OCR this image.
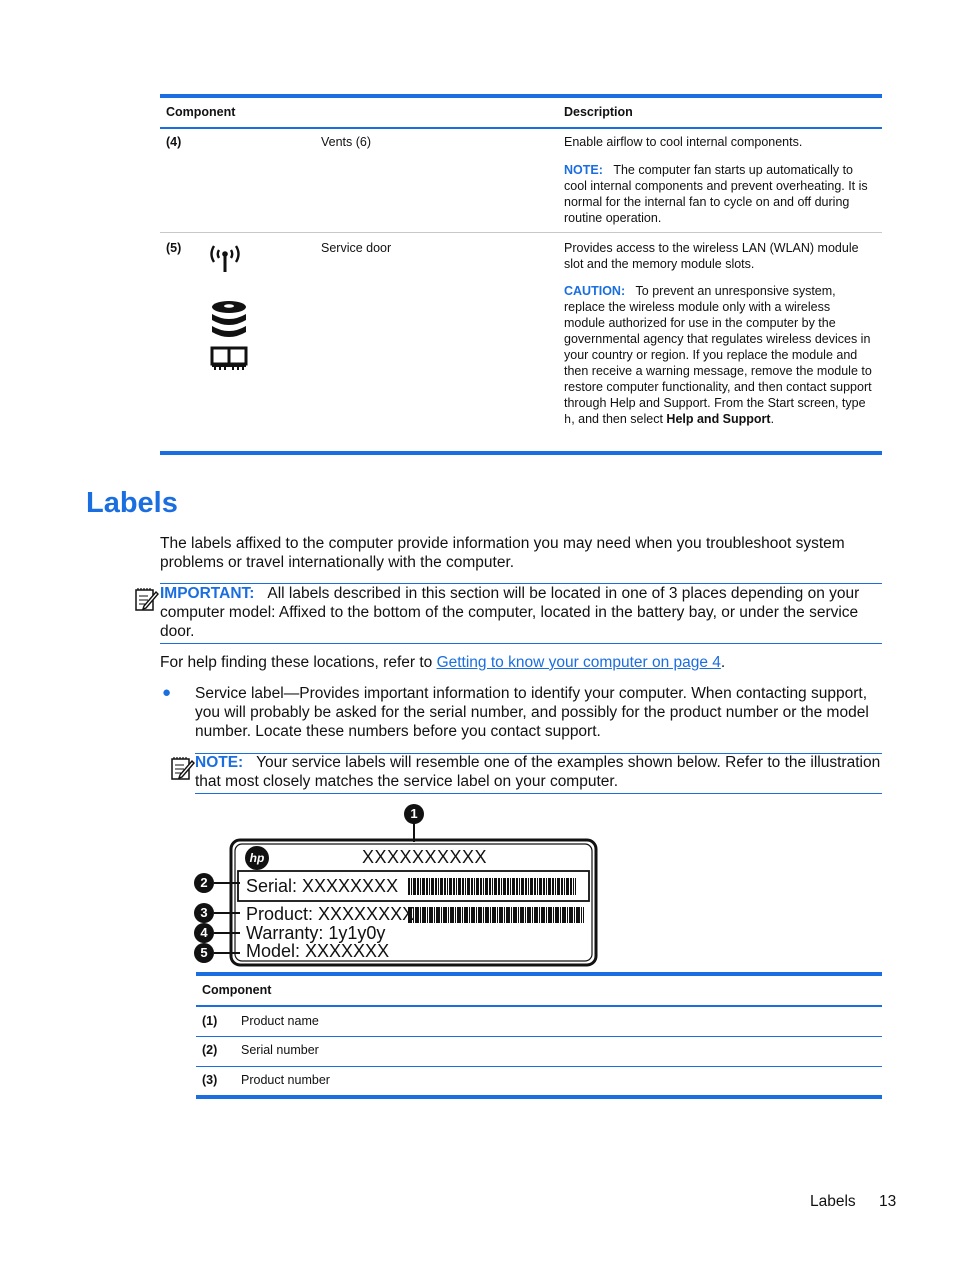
Component	Description
(4)	Vents (6)	Enable airflow to cool internal components.

NOTE: The computer fan starts up automatically to cool internal components and prevent overheating. It is normal for the internal fan to cycle on and off during routine operation.

(5)	Service door	Provides access to the wireless LAN (WLAN) module slot and the memory module slots.

CAUTION: To prevent an unresponsive system, replace the wireless module only with a wireless module authorized for use in the computer by the governmental agency that regulates wireless devices in your country or region. If you replace the module and then receive a warning message, remove the module to restore computer functionality, and then contact support through Help and Support. From the Start screen, type h, and then select Help and Support.

Labels

The labels affixed to the computer provide information you may need when you troubleshoot system problems or travel internationally with the computer.

IMPORTANT: All labels described in this section will be located in one of 3 places depending on your computer model: Affixed to the bottom of the computer, located in the battery bay, or under the service door.

For help finding these locations, refer to Getting to know your computer on page 4.

● Service label—Provides important information to identify your computer. When contacting support, you will probably be asked for the serial number, and possibly for the product number or the model number. Locate these numbers before you contact support.

NOTE: Your service labels will resemble one of the examples shown below. Refer to the illustration that most closely matches the service label on your computer.

1
2
3
4
5
hp	XXXXXXXXXX
Serial: XXXXXXXX
Product: XXXXXXXX
Warranty: 1y1y0y
Model: XXXXXXX
Component
(1) Product name
(2) Serial number
(3) Product number
Labels 13
